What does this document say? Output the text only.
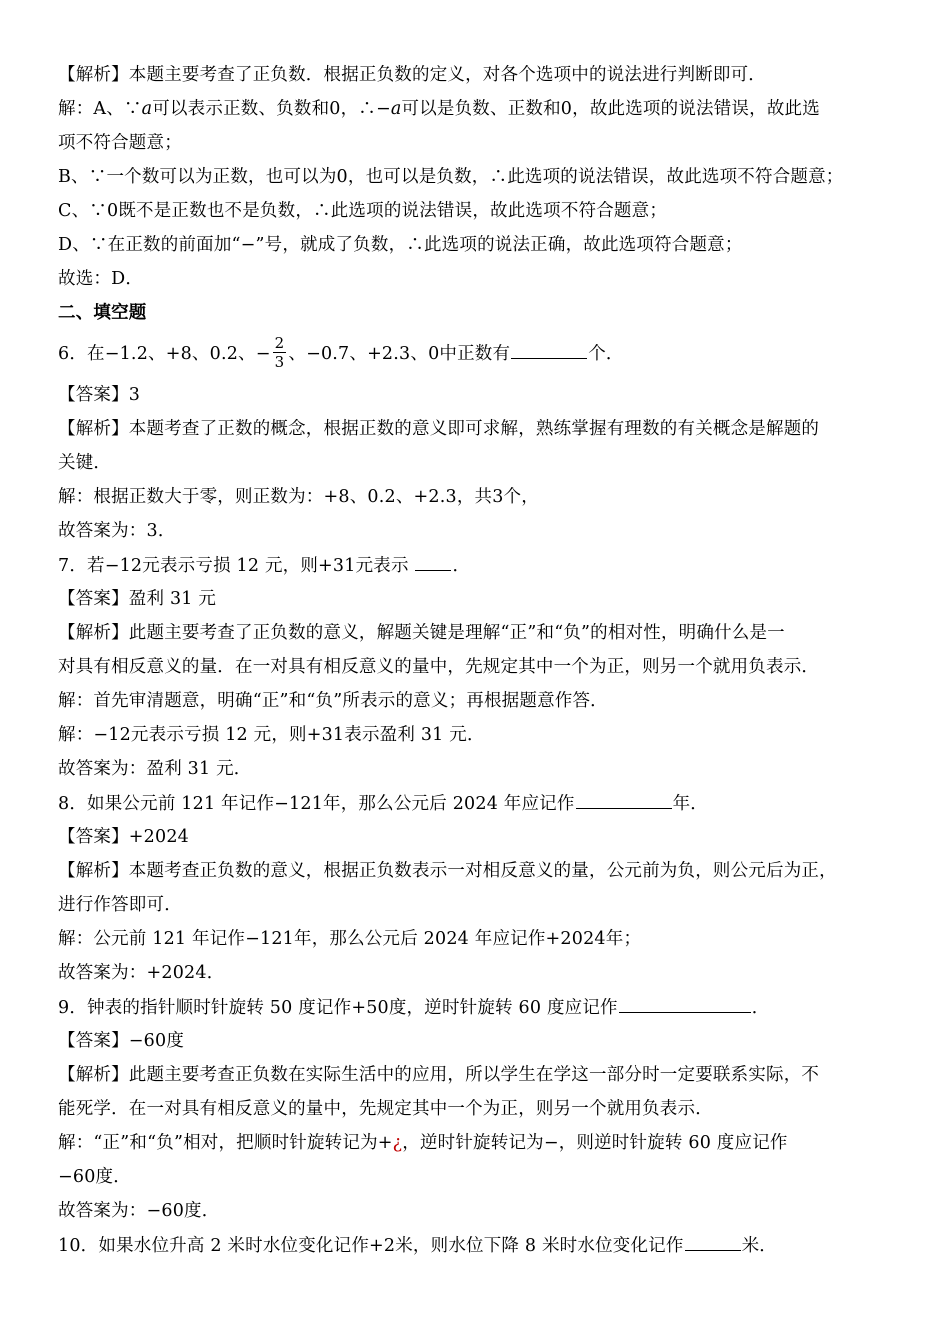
【解析】本题主要考查了正负数．根据正负数的定义，对各个选项中的说法进行判断即可．
解：A、∵𝑎可以表示正数、负数和0，∴−𝑎可以是负数、正数和0，故此选项的说法错误，故此选
项不符合题意；
B、∵一个数可以为正数，也可以为0，也可以是负数，∴此选项的说法错误，故此选项不符合题意；
C、∵0既不是正数也不是负数，∴此选项的说法错误，故此选项不符合题意；
D、∵在正数的前面加“−”号，就成了负数，∴此选项的说法正确，故此选项符合题意；
故选：D．
二、填空题
6．在−1.2、+8、0.2、− $\frac{2}{3}$ 、−0.7、+2.3、0中正数有	个．
【答案】3
【解析】本题考查了正数的概念，根据正数的意义即可求解，熟练掌握有理数的有关概念是解题的
关键．
解：根据正数大于零，则正数为：+8、0.2、+2.3，共3个，
故答案为：3．
7．若−12元表示亏损 12 元，则+31元表示 ．
【答案】盈利 31 元
【解析】此题主要考查了正负数的意义，解题关键是理解“正”和“负”的相对性，明确什么是一
对具有相反意义的量．在一对具有相反意义的量中，先规定其中一个为正，则另一个就用负表示．
解：首先审清题意，明确“正”和“负”所表示的意义；再根据题意作答．
解：−12元表示亏损 12 元，则+31表示盈利 31 元．
故答案为：盈利 31 元．
8．如果公元前 121 年记作−121年，那么公元后 2024 年应记作	年．
【答案】+2024
【解析】本题考查正负数的意义，根据正负数表示一对相反意义的量，公元前为负，则公元后为正，
进行作答即可．
解：公元前 121 年记作−121年，那么公元后 2024 年应记作+2024年；
故答案为：+2024．
9．钟表的指针顺时针旋转 50 度记作+50度，逆时针旋转 60 度应记作	．
【答案】−60度
【解析】此题主要考查正负数在实际生活中的应用，所以学生在学这一部分时一定要联系实际，不
能死学．在一对具有相反意义的量中，先规定其中一个为正，则另一个就用负表示．
解：“正”和“负”相对，把顺时针旋转记为+¿，逆时针旋转记为−，则逆时针旋转 60 度应记作
−60度．
故答案为：−60度．
10．如果水位升高 2 米时水位变化记作+2米，则水位下降 8 米时水位变化记作	米．
